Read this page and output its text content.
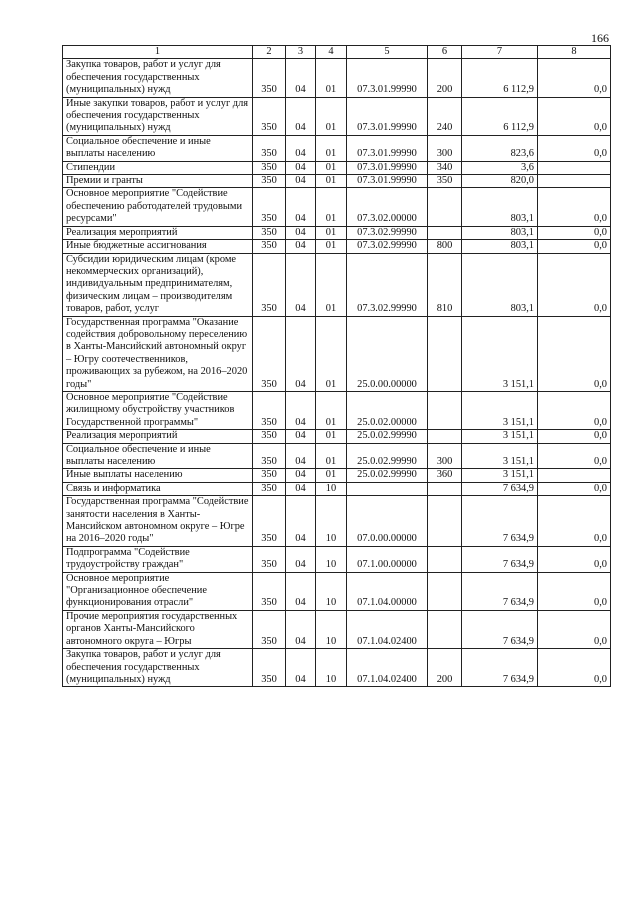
166
1	2	3	4	5	6	7	8
Закупка товаров, работ и услуг для обеспечения государственных (муниципальных) нужд	350	04	01	07.3.01.99990	200	6 112,9	0,0
Иные закупки товаров, работ и услуг для обеспечения государственных (муниципальных) нужд	350	04	01	07.3.01.99990	240	6 112,9	0,0
Социальное обеспечение и иные выплаты населению	350	04	01	07.3.01.99990	300	823,6	0,0
Стипендии	350	04	01	07.3.01.99990	340	3,6	
Премии и гранты	350	04	01	07.3.01.99990	350	820,0	
Основное мероприятие "Содействие обеспечению работодателей трудовыми ресурсами"	350	04	01	07.3.02.00000		803,1	0,0
Реализация мероприятий	350	04	01	07.3.02.99990		803,1	0,0
Иные бюджетные ассигнования	350	04	01	07.3.02.99990	800	803,1	0,0
Субсидии юридическим лицам (кроме некоммерческих организаций), индивидуальным предпринимателям, физическим лицам – производителям товаров, работ, услуг	350	04	01	07.3.02.99990	810	803,1	0,0
Государственная программа "Оказание содействия добровольному переселению в Ханты-Мансийский автономный округ – Югру соотечественников, проживающих за рубежом, на 2016–2020 годы"	350	04	01	25.0.00.00000		3 151,1	0,0
Основное мероприятие "Содействие жилищному обустройству участников Государственной программы"	350	04	01	25.0.02.00000		3 151,1	0,0
Реализация мероприятий	350	04	01	25.0.02.99990		3 151,1	0,0
Социальное обеспечение и иные выплаты населению	350	04	01	25.0.02.99990	300	3 151,1	0,0
Иные выплаты населению	350	04	01	25.0.02.99990	360	3 151,1	
Связь и информатика	350	04	10			7 634,9	0,0
Государственная программа "Содействие занятости населения в Ханты-Мансийском автономном округе – Югре на 2016–2020 годы"	350	04	10	07.0.00.00000		7 634,9	0,0
Подпрограмма "Содействие трудоустройству граждан"	350	04	10	07.1.00.00000		7 634,9	0,0
Основное мероприятие "Организационное обеспечение функционирования отрасли"	350	04	10	07.1.04.00000		7 634,9	0,0
Прочие мероприятия государственных органов Ханты-Мансийского автономного округа – Югры	350	04	10	07.1.04.02400		7 634,9	0,0
Закупка товаров, работ и услуг для обеспечения государственных (муниципальных) нужд	350	04	10	07.1.04.02400	200	7 634,9	0,0
